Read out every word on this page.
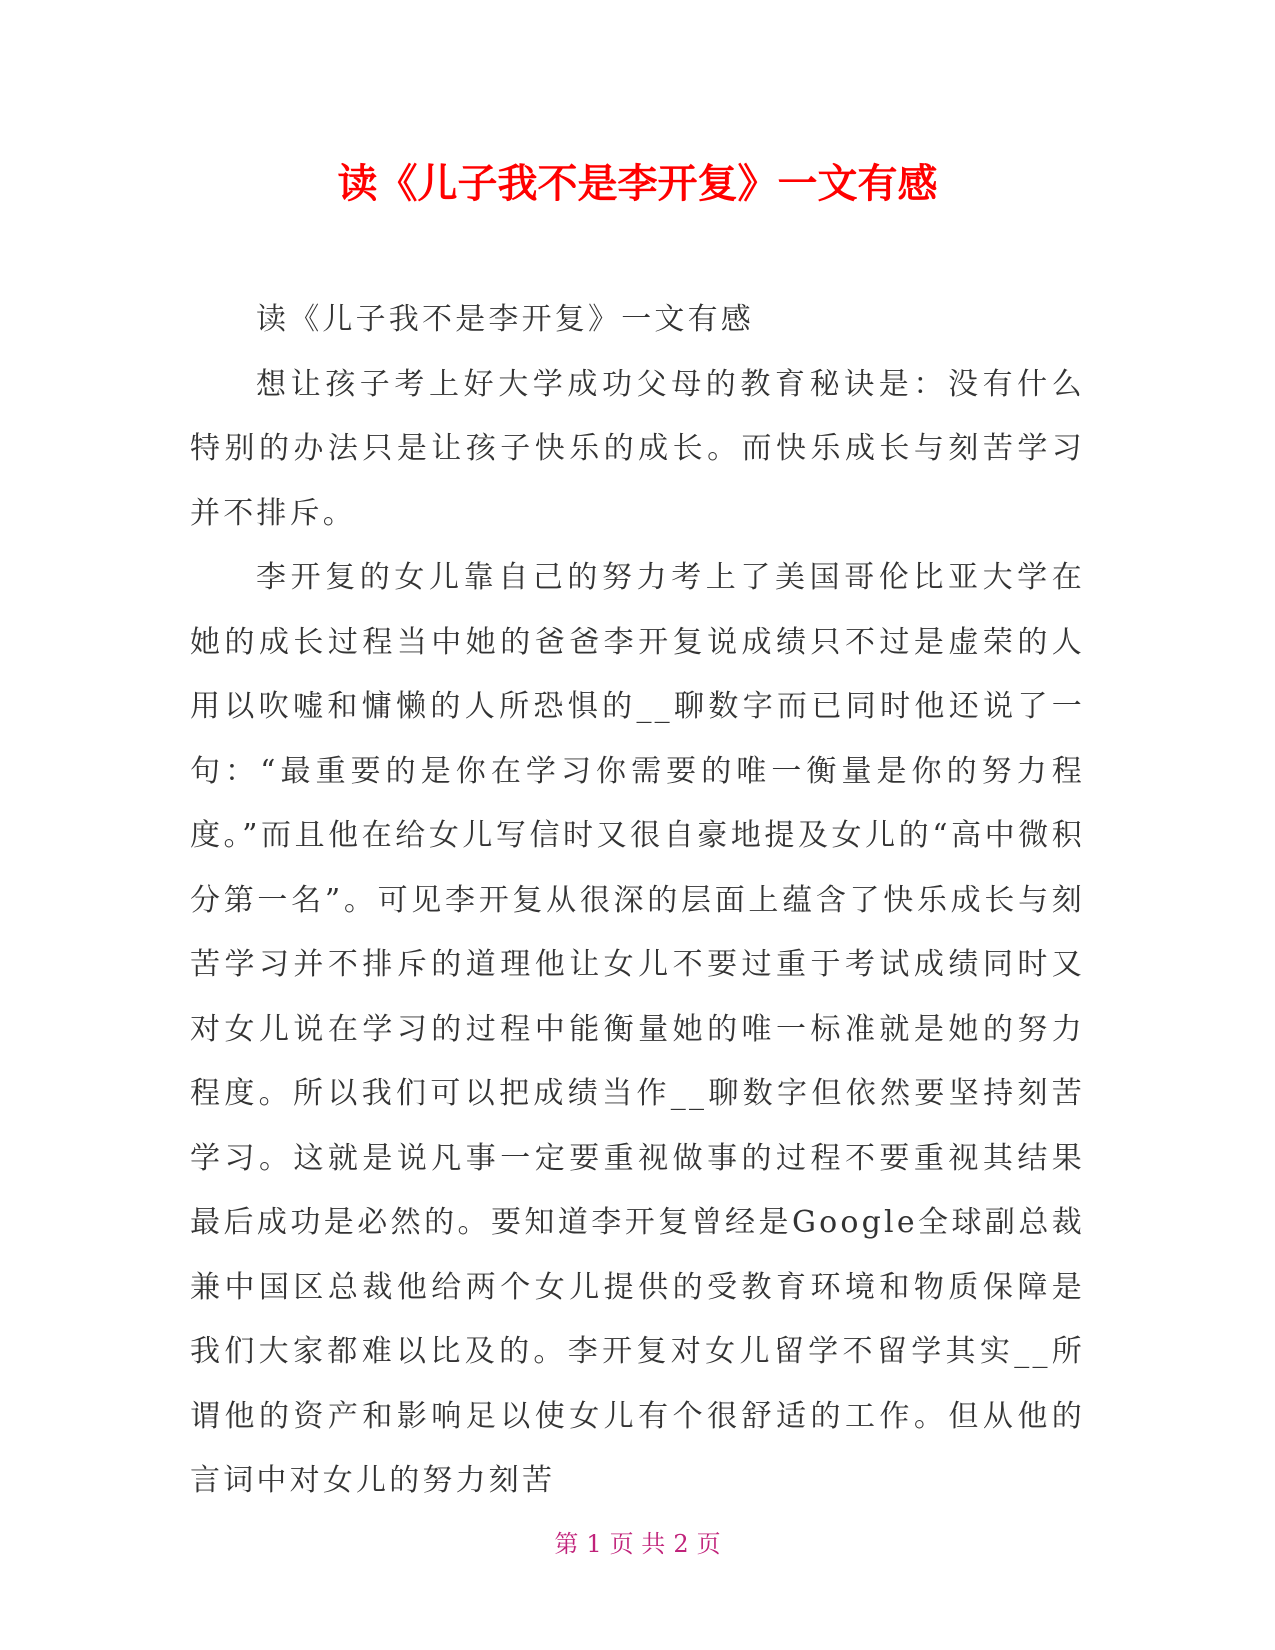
读《儿子我不是李开复》一文有感

读《儿子我不是李开复》一文有感

想让孩子考上好大学成功父母的教育秘诀是：没有什么特别的办法只是让孩子快乐的成长。而快乐成长与刻苦学习并不排斥。

李开复的女儿靠自己的努力考上了美国哥伦比亚大学在她的成长过程当中她的爸爸李开复说成绩只不过是虚荣的人用以吹嘘和慵懒的人所恐惧的__聊数字而已同时他还说了一句：“最重要的是你在学习你需要的唯一衡量是你的努力程度。”而且他在给女儿写信时又很自豪地提及女儿的“高中微积分第一名”。可见李开复从很深的层面上蕴含了快乐成长与刻苦学习并不排斥的道理他让女儿不要过重于考试成绩同时又对女儿说在学习的过程中能衡量她的唯一标准就是她的努力程度。所以我们可以把成绩当作__聊数字但依然要坚持刻苦学习。这就是说凡事一定要重视做事的过程不要重视其结果最后成功是必然的。要知道李开复曾经是Google全球副总裁兼中国区总裁他给两个女儿提供的受教育环境和物质保障是我们大家都难以比及的。李开复对女儿留学不留学其实__所谓他的资产和影响足以使女儿有个很舒适的工作。但从他的言词中对女儿的努力刻苦

第 1 页 共 2 页
